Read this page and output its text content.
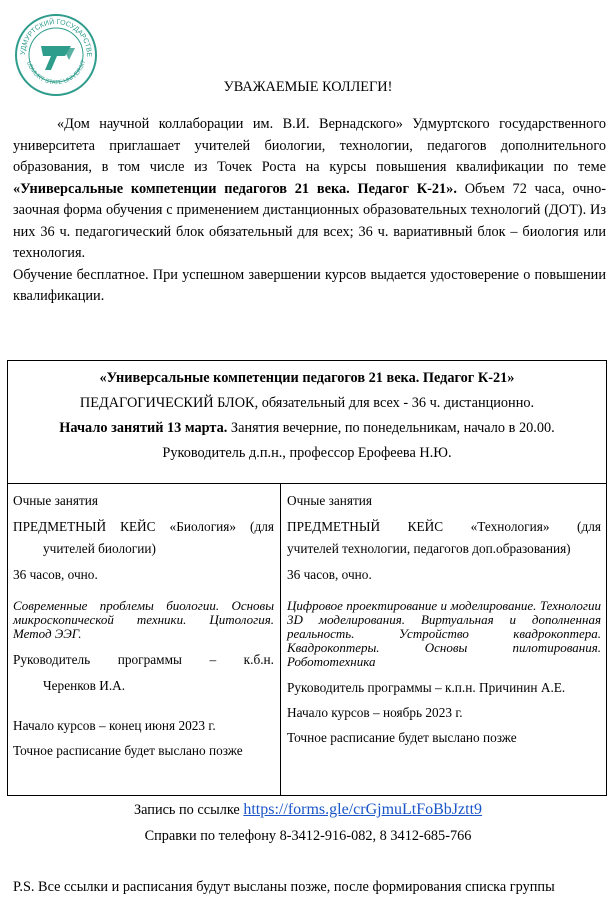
УДМУРТСКИЙ ГОСУДАРСТВЕ
UDMURT STATE UNIVERSIT
УВАЖАЕМЫЕ КОЛЛЕГИ!

«Дом научной коллаборации им. В.И. Вернадского» Удмуртского государственного университета приглашает учителей биологии, технологии, педагогов дополнительного образования, в том числе из Точек Роста на курсы повышения квалификации по теме «Универсальные компетенции педагогов 21 века. Педагог К-21». Объем 72 часа, очно-заочная форма обучения с применением дистанционных образовательных технологий (ДОТ). Из них 36 ч. педагогический блок обязательный для всех; 36 ч. вариативный блок – биология или технология.

Обучение бесплатное. При успешном завершении курсов выдается удостоверение о повышении квалификации.

«Универсальные компетенции педагогов 21 века. Педагог К-21»
ПЕДАГОГИЧЕСКИЙ БЛОК, обязательный для всех - 36 ч. дистанционно.
Начало занятий 13 марта. Занятия вечерние, по понедельникам, начало в 20.00.
Руководитель д.п.н., профессор Ерофеева Н.Ю.
Очные занятия
ПРЕДМЕТНЫЙ КЕЙС «Биология» (для
учителей биологии)
36 часов, очно.
Современные проблемы биологии. Основы микроскопической техники. Цитология. Метод ЭЭГ.
Руководитель программы – к.б.н.
Черенков И.А.
Начало курсов – конец июня 2023 г.
Точное расписание будет выслано позже
Очные занятия
ПРЕДМЕТНЫЙ КЕЙС «Технология» (для
учителей технологии, педагогов доп.образования)
36 часов, очно.
Цифровое проектирование и моделирование. Технологии 3D моделирования. Виртуальная и дополненная реальность. Устройство квадрокоптера. Квадрокоптеры. Основы пилотирования. Робототехника
Руководитель программы – к.п.н. Причинин А.Е.
Начало курсов – ноябрь 2023 г.
Точное расписание будет выслано позже
Запись по ссылке https://forms.gle/crGjmuLtFoBbJztt9
Справки по телефону 8-3412-916-082, 8 3412-685-766
P.S. Все ссылки и расписания будут высланы позже, после формирования списка группы
